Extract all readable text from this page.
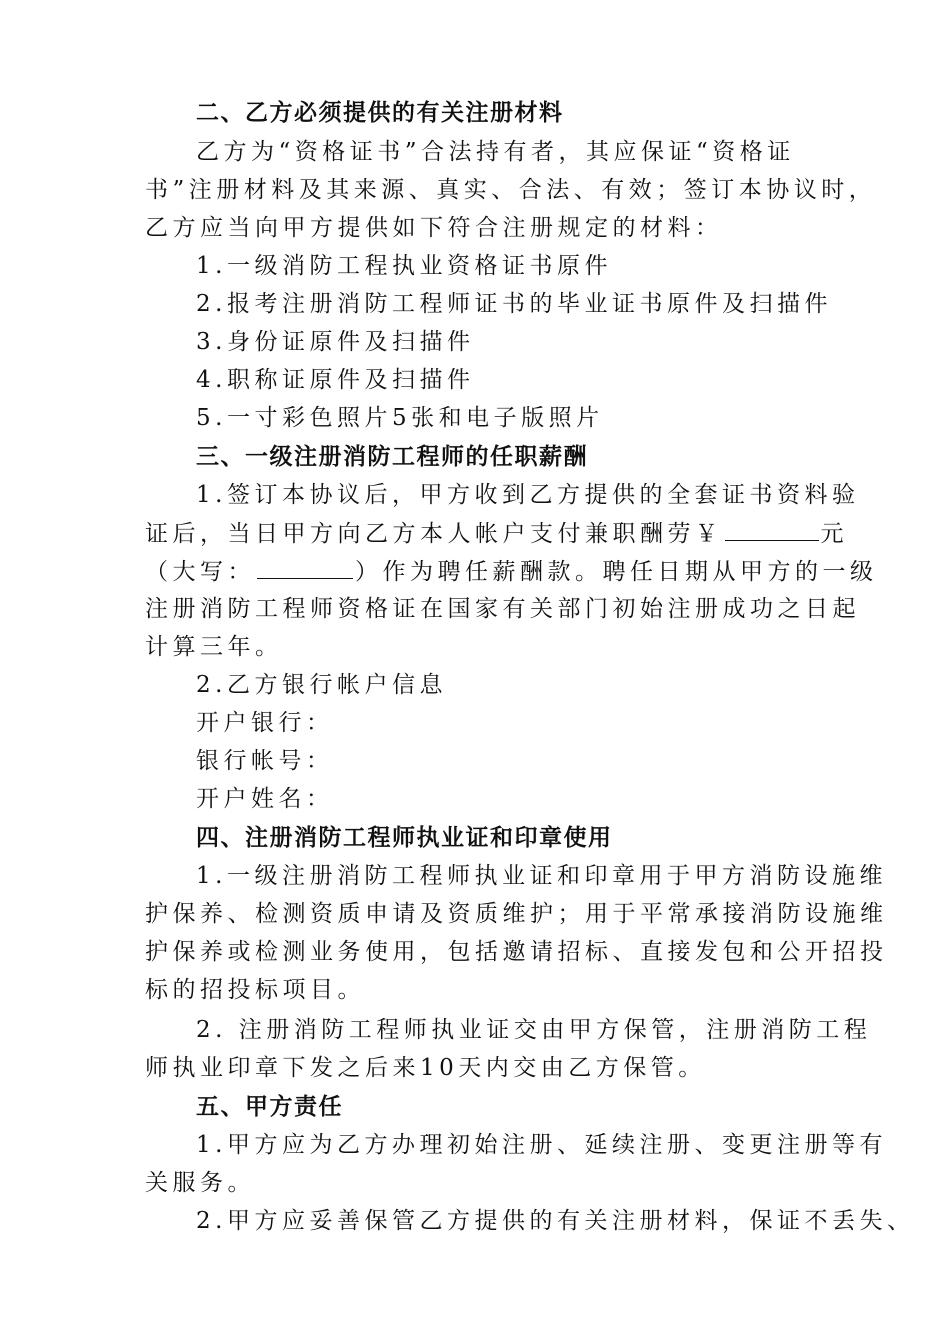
二、乙方必须提供的有关注册材料
乙方为“资格证书”合法持有者，其应保证“资格证
书”注册材料及其来源、真实、合法、有效；签订本协议时，
乙方应当向甲方提供如下符合注册规定的材料：
1.一级消防工程执业资格证书原件
2.报考注册消防工程师证书的毕业证书原件及扫描件
3.身份证原件及扫描件
4.职称证原件及扫描件
5.一寸彩色照片5张和电子版照片
三、一级注册消防工程师的任职薪酬
1.签订本协议后，甲方收到乙方提供的全套证书资料验
证后，当日甲方向乙方本人帐户支付兼职酬劳￥	元
（大写：	）作为聘任薪酬款。聘任日期从甲方的一级
注册消防工程师资格证在国家有关部门初始注册成功之日起
计算三年。
2.乙方银行帐户信息
开户银行：
银行帐号：
开户姓名：
四、注册消防工程师执业证和印章使用
1.一级注册消防工程师执业证和印章用于甲方消防设施维
护保养、检测资质申请及资质维护；用于平常承接消防设施维
护保养或检测业务使用，包括邀请招标、直接发包和公开招投
标的招投标项目。
2. 注册消防工程师执业证交由甲方保管，注册消防工程
师执业印章下发之后来10天内交由乙方保管。
五、甲方责任
1.甲方应为乙方办理初始注册、延续注册、变更注册等有
关服务。
2.甲方应妥善保管乙方提供的有关注册材料，保证不丢失、
